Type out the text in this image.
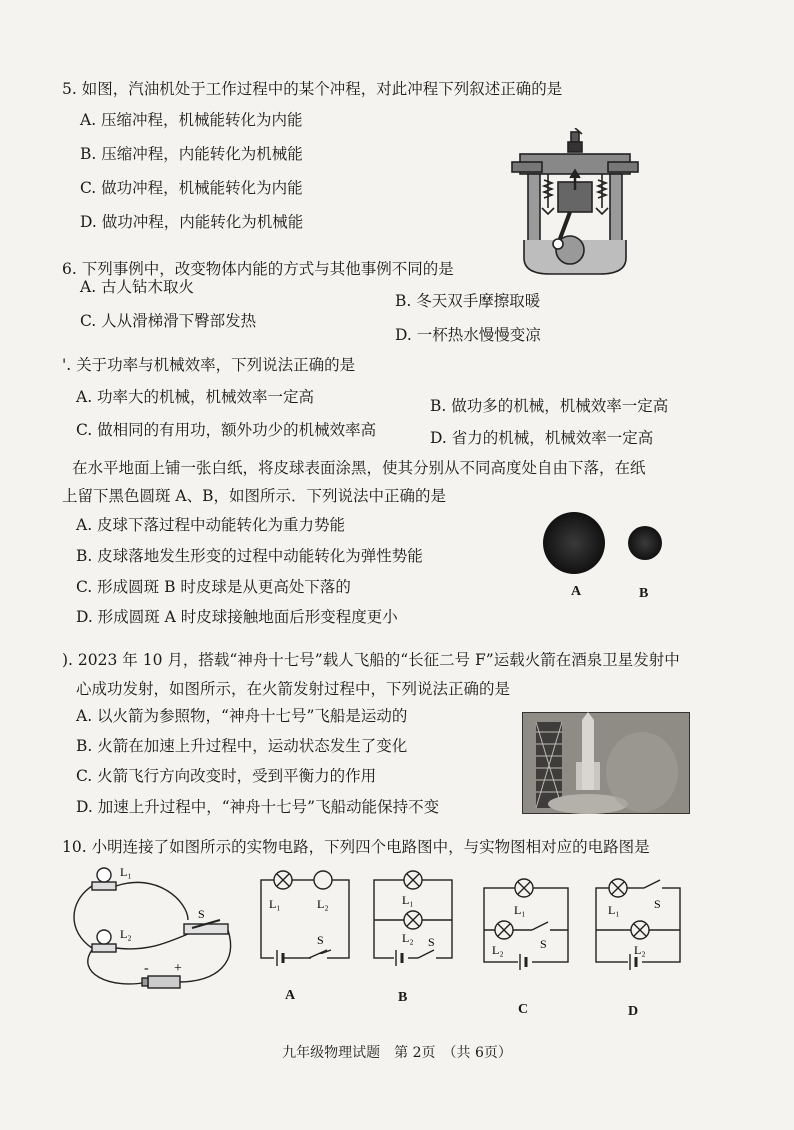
5. 如图，汽油机处于工作过程中的某个冲程，对此冲程下列叙述正确的是
A. 压缩冲程，机械能转化为内能
B. 压缩冲程，内能转化为机械能
C. 做功冲程，机械能转化为内能
D. 做功冲程，内能转化为机械能
6. 下列事例中，改变物体内能的方式与其他事例不同的是
A. 古人钻木取火
B. 冬天双手摩擦取暖
C. 人从滑梯滑下臀部发热
D. 一杯热水慢慢变凉
'. 关于功率与机械效率，下列说法正确的是
A. 功率大的机械，机械效率一定高	B. 做功多的机械，机械效率一定高
C. 做相同的有用功，额外功少的机械效率高	D. 省力的机械，机械效率一定高
在水平地面上铺一张白纸，将皮球表面涂黑，使其分别从不同高度处自由下落，在纸
上留下黑色圆斑 A、B，如图所示．下列说法中正确的是
A. 皮球下落过程中动能转化为重力势能
B. 皮球落地发生形变的过程中动能转化为弹性势能
C. 形成圆斑 B 时皮球是从更高处下落的
D. 形成圆斑 A 时皮球接触地面后形变程度更小
A	B
). 2023 年 10 月，搭载“神舟十七号”载人飞船的“长征二号 F”运载火箭在酒泉卫星发射中
心成功发射，如图所示，在火箭发射过程中，下列说法正确的是
A. 以火箭为参照物，“神舟十七号”飞船是运动的
B. 火箭在加速上升过程中，运动状态发生了变化
C. 火箭飞行方向改变时，受到平衡力的作用
D. 加速上升过程中，“神舟十七号”飞船动能保持不变
10. 小明连接了如图所示的实物电路，下列四个电路图中，与实物图相对应的电路图是
L₁
L₂
S
- +
L₁	L₂
S
L₁
L₂ S
L₁
L₂	S
L₁	S
L₂
A	B
C	D
九年级物理试题　第 2页　（共 6页）
